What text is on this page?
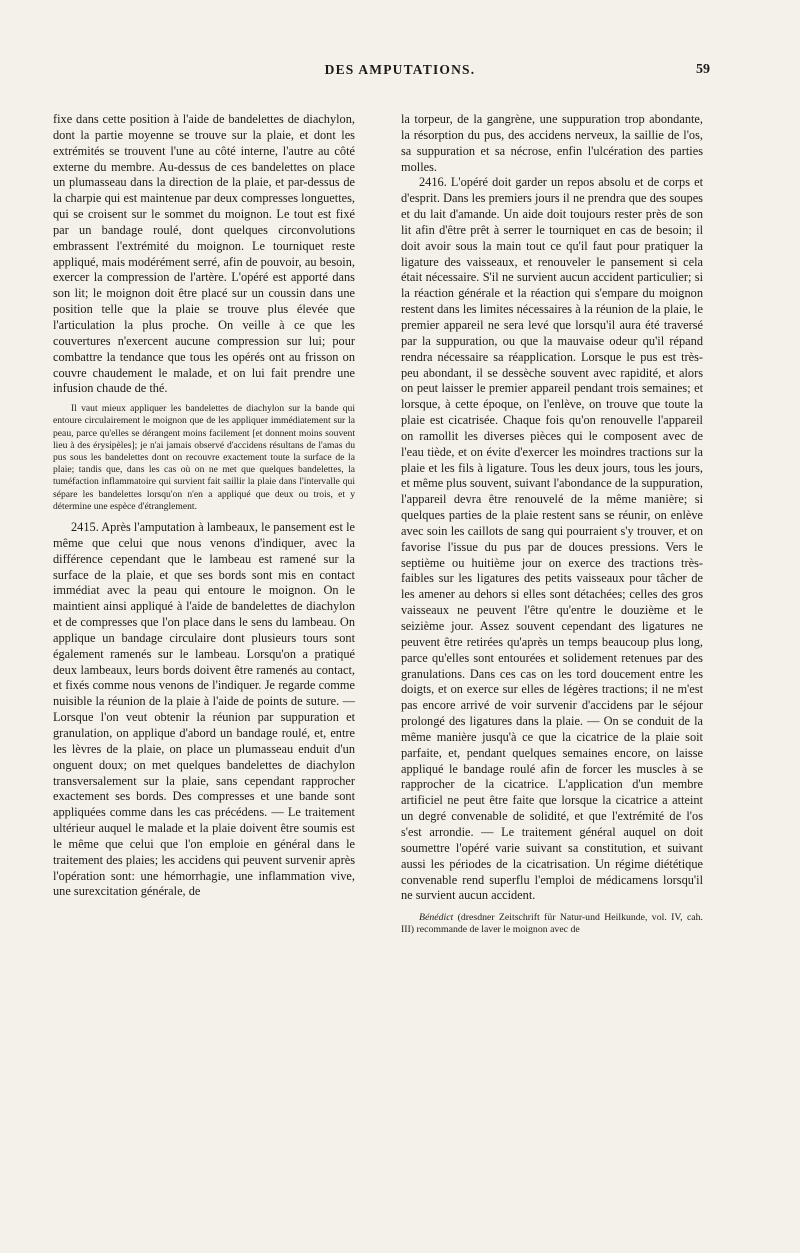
DES AMPUTATIONS.	59

fixe dans cette position à l'aide de bandelettes de diachylon, dont la partie moyenne se trouve sur la plaie, et dont les extrémités se trouvent l'une au côté interne, l'autre au côté externe du membre. Au-dessus de ces bandelettes on place un plumasseau dans la direction de la plaie, et par-dessus de la charpie qui est maintenue par deux compresses longuettes, qui se croisent sur le sommet du moignon. Le tout est fixé par un bandage roulé, dont quelques circonvolutions embrassent l'extrémité du moignon. Le tourniquet reste appliqué, mais modérément serré, afin de pouvoir, au besoin, exercer la compression de l'artère. L'opéré est apporté dans son lit; le moignon doit être placé sur un coussin dans une position telle que la plaie se trouve plus élevée que l'articulation la plus proche. On veille à ce que les couvertures n'exercent aucune compression sur lui; pour combattre la tendance que tous les opérés ont au frisson on couvre chaudement le malade, et on lui fait prendre une infusion chaude de thé.

Il vaut mieux appliquer les bandelettes de diachylon sur la bande qui entoure circulairement le moignon que de les appliquer immédiatement sur la peau, parce qu'elles se dérangent moins facilement [et donnent moins souvent lieu à des érysipèles]; je n'ai jamais observé d'accidens résultans de l'amas du pus sous les bandelettes dont on recouvre exactement toute la surface de la plaie; tandis que, dans les cas où on ne met que quelques bandelettes, la tuméfaction inflammatoire qui survient fait saillir la plaie dans l'intervalle qui sépare les bandelettes lorsqu'on n'en a appliqué que deux ou trois, et y détermine une espèce d'étranglement.

2415. Après l'amputation à lambeaux, le pansement est le même que celui que nous venons d'indiquer, avec la différence cependant que le lambeau est ramené sur la surface de la plaie, et que ses bords sont mis en contact immédiat avec la peau qui entoure le moignon. On le maintient ainsi appliqué à l'aide de bandelettes de diachylon et de compresses que l'on place dans le sens du lambeau. On applique un bandage circulaire dont plusieurs tours sont également ramenés sur le lambeau. Lorsqu'on a pratiqué deux lambeaux, leurs bords doivent être ramenés au contact, et fixés comme nous venons de l'indiquer. Je regarde comme nuisible la réunion de la plaie à l'aide de points de suture. — Lorsque l'on veut obtenir la réunion par suppuration et granulation, on applique d'abord un bandage roulé, et, entre les lèvres de la plaie, on place un plumasseau enduit d'un onguent doux; on met quelques bandelettes de diachylon transversalement sur la plaie, sans cependant rapprocher exactement ses bords. Des compresses et une bande sont appliquées comme dans les cas précédens. — Le traitement ultérieur auquel le malade et la plaie doivent être soumis est le même que celui que l'on emploie en général dans le traitement des plaies; les accidens qui peuvent survenir après l'opération sont: une hémorrhagie, une inflammation vive, une surexcitation générale, de

la torpeur, de la gangrène, une suppuration trop abondante, la résorption du pus, des accidens nerveux, la saillie de l'os, sa suppuration et sa nécrose, enfin l'ulcération des parties molles.

2416. L'opéré doit garder un repos absolu et de corps et d'esprit. Dans les premiers jours il ne prendra que des soupes et du lait d'amande. Un aide doit toujours rester près de son lit afin d'être prêt à serrer le tourniquet en cas de besoin; il doit avoir sous la main tout ce qu'il faut pour pratiquer la ligature des vaisseaux, et renouveler le pansement si cela était nécessaire. S'il ne survient aucun accident particulier; si la réaction générale et la réaction qui s'empare du moignon restent dans les limites nécessaires à la réunion de la plaie, le premier appareil ne sera levé que lorsqu'il aura été traversé par la suppuration, ou que la mauvaise odeur qu'il répand rendra nécessaire sa réapplication. Lorsque le pus est très-peu abondant, il se dessèche souvent avec rapidité, et alors on peut laisser le premier appareil pendant trois semaines; et lorsque, à cette époque, on l'enlève, on trouve que toute la plaie est cicatrisée. Chaque fois qu'on renouvelle l'appareil on ramollit les diverses pièces qui le composent avec de l'eau tiède, et on évite d'exercer les moindres tractions sur la plaie et les fils à ligature. Tous les deux jours, tous les jours, et même plus souvent, suivant l'abondance de la suppuration, l'appareil devra être renouvelé de la même manière; si quelques parties de la plaie restent sans se réunir, on enlève avec soin les caillots de sang qui pourraient s'y trouver, et on favorise l'issue du pus par de douces pressions. Vers le septième ou huitième jour on exerce des tractions très-faibles sur les ligatures des petits vaisseaux pour tâcher de les amener au dehors si elles sont détachées; celles des gros vaisseaux ne peuvent l'être qu'entre le douzième et le seizième jour. Assez souvent cependant des ligatures ne peuvent être retirées qu'après un temps beaucoup plus long, parce qu'elles sont entourées et solidement retenues par des granulations. Dans ces cas on les tord doucement entre les doigts, et on exerce sur elles de légères tractions; il ne m'est pas encore arrivé de voir survenir d'accidens par le séjour prolongé des ligatures dans la plaie. — On se conduit de la même manière jusqu'à ce que la cicatrice de la plaie soit parfaite, et, pendant quelques semaines encore, on laisse appliqué le bandage roulé afin de forcer les muscles à se rapprocher de la cicatrice. L'application d'un membre artificiel ne peut être faite que lorsque la cicatrice a atteint un degré convenable de solidité, et que l'extrémité de l'os s'est arrondie. — Le traitement général auquel on doit soumettre l'opéré varie suivant sa constitution, et suivant aussi les périodes de la cicatrisation. Un régime diététique convenable rend superflu l'emploi de médicamens lorsqu'il ne survient aucun accident.

Bénédict (dresdner Zeitschrift für Natur-und Heilkunde, vol. IV, cah. III) recommande de laver le moignon avec de
